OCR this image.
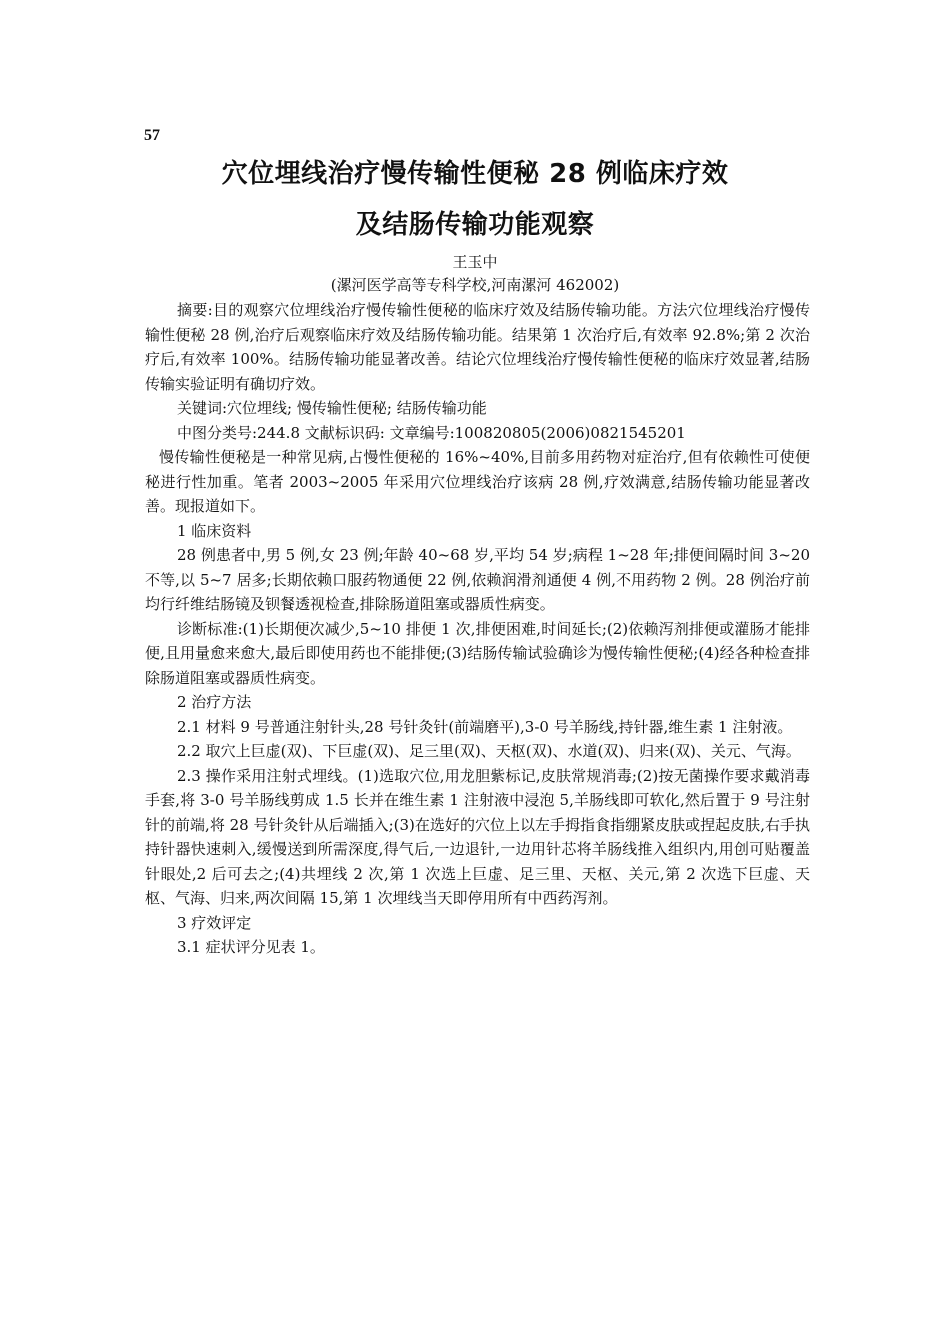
57
穴位埋线治疗慢传输性便秘 28 例临床疗效
及结肠传输功能观察
王玉中
(漯河医学高等专科学校,河南漯河 462002)

摘要:目的观察穴位埋线治疗慢传输性便秘的临床疗效及结肠传输功能。方法穴位埋线治疗慢传输性便秘 28 例,治疗后观察临床疗效及结肠传输功能。结果第 1 次治疗后,有效率 92.8%;第 2 次治疗后,有效率 100%。结肠传输功能显著改善。结论穴位埋线治疗慢传输性便秘的临床疗效显著,结肠传输实验证明有确切疗效。

关键词:穴位埋线; 慢传输性便秘; 结肠传输功能

中图分类号:244.8 文献标识码: 文章编号:100820805(2006)0821545201

慢传输性便秘是一种常见病,占慢性便秘的 16%~40%,目前多用药物对症治疗,但有依赖性可使便秘进行性加重。笔者 2003~2005 年采用穴位埋线治疗该病 28 例,疗效满意,结肠传输功能显著改善。现报道如下。

1 临床资料

28 例患者中,男 5 例,女 23 例;年龄 40~68 岁,平均 54 岁;病程 1~28 年;排便间隔时间 3~20 不等,以 5~7 居多;长期依赖口服药物通便 22 例,依赖润滑剂通便 4 例,不用药物 2 例。28 例治疗前均行纤维结肠镜及钡餐透视检查,排除肠道阻塞或器质性病变。

诊断标准:(1)长期便次减少,5~10 排便 1 次,排便困难,时间延长;(2)依赖泻剂排便或灌肠才能排便,且用量愈来愈大,最后即使用药也不能排便;(3)结肠传输试验确诊为慢传输性便秘;(4)经各种检查排除肠道阻塞或器质性病变。

2 治疗方法

2.1 材料 9 号普通注射针头,28 号针灸针(前端磨平),3-0 号羊肠线,持针器,维生素 1 注射液。

2.2 取穴上巨虚(双)、下巨虚(双)、足三里(双)、天枢(双)、水道(双)、归来(双)、关元、气海。

2.3 操作采用注射式埋线。(1)选取穴位,用龙胆紫标记,皮肤常规消毒;(2)按无菌操作要求戴消毒手套,将 3-0 号羊肠线剪成 1.5 长并在维生素 1 注射液中浸泡 5,羊肠线即可软化,然后置于 9 号注射针的前端,将 28 号针灸针从后端插入;(3)在选好的穴位上以左手拇指食指绷紧皮肤或捏起皮肤,右手执持针器快速刺入,缓慢送到所需深度,得气后,一边退针,一边用针芯将羊肠线推入组织内,用创可贴覆盖针眼处,2 后可去之;(4)共埋线 2 次,第 1 次选上巨虚、足三里、天枢、关元,第 2 次选下巨虚、天枢、气海、归来,两次间隔 15,第 1 次埋线当天即停用所有中西药泻剂。

3 疗效评定

3.1 症状评分见表 1。
